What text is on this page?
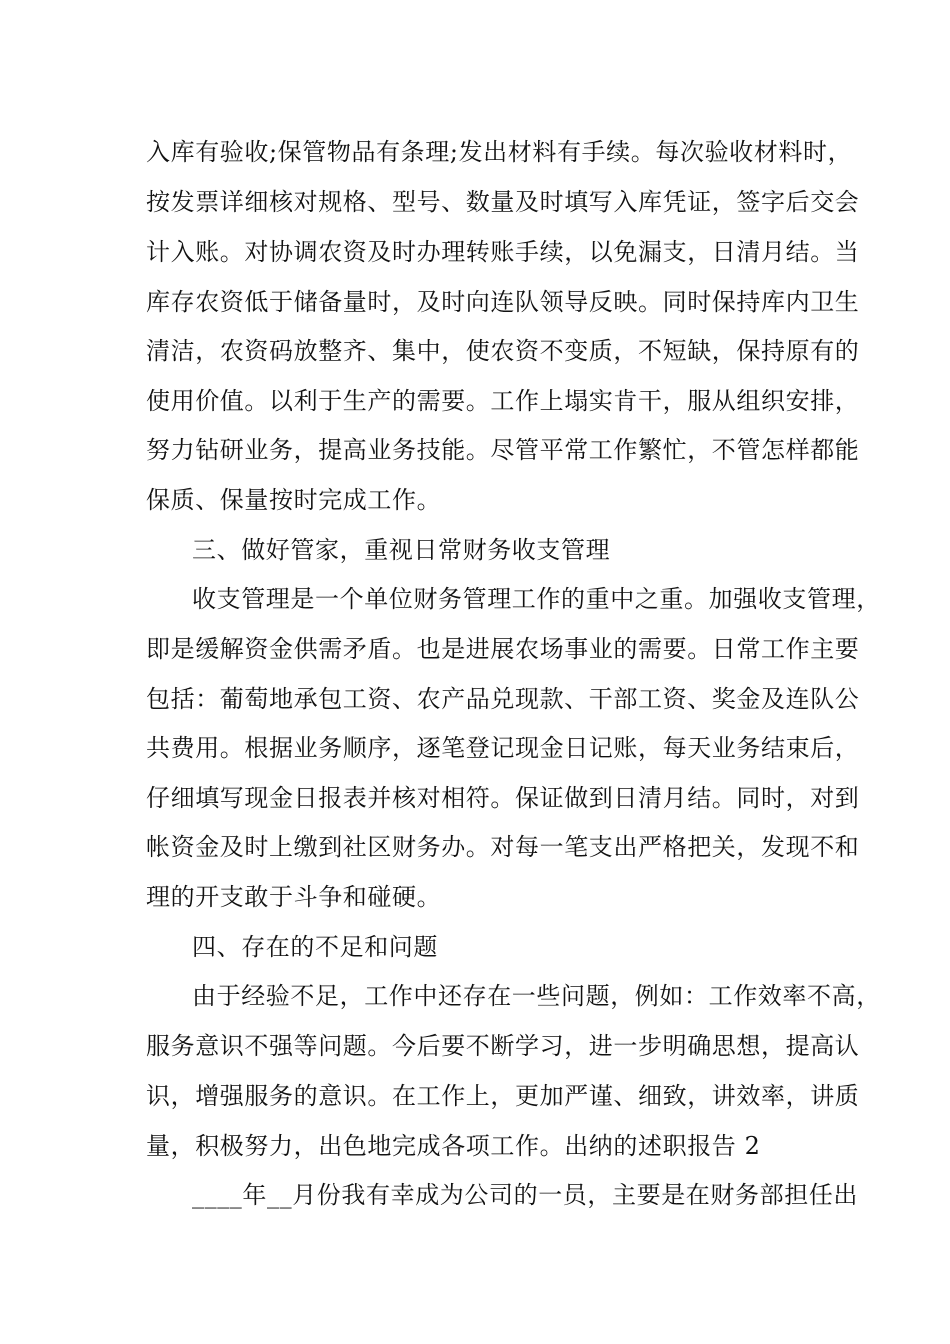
入库有验收;保管物品有条理;发出材料有手续。每次验收材料时，
按发票详细核对规格、型号、数量及时填写入库凭证，签字后交会
计入账。对协调农资及时办理转账手续，以免漏支，日清月结。当
库存农资低于储备量时，及时向连队领导反映。同时保持库内卫生
清洁，农资码放整齐、集中，使农资不变质，不短缺，保持原有的
使用价值。以利于生产的需要。工作上塌实肯干，服从组织安排，
努力钻研业务，提高业务技能。尽管平常工作繁忙，不管怎样都能
保质、保量按时完成工作。
三、做好管家，重视日常财务收支管理
收支管理是一个单位财务管理工作的重中之重。加强收支管理，
即是缓解资金供需矛盾。也是进展农场事业的需要。日常工作主要
包括：葡萄地承包工资、农产品兑现款、干部工资、奖金及连队公
共费用。根据业务顺序，逐笔登记现金日记账，每天业务结束后，
仔细填写现金日报表并核对相符。保证做到日清月结。同时，对到
帐资金及时上缴到社区财务办。对每一笔支出严格把关，发现不和
理的开支敢于斗争和碰硬。
四、存在的不足和问题
由于经验不足，工作中还存在一些问题，例如：工作效率不高，
服务意识不强等问题。今后要不断学习，进一步明确思想，提高认
识，增强服务的意识。在工作上，更加严谨、细致，讲效率，讲质
量，积极努力，出色地完成各项工作。出纳的述职报告 2
____年__月份我有幸成为公司的一员，主要是在财务部担任出
